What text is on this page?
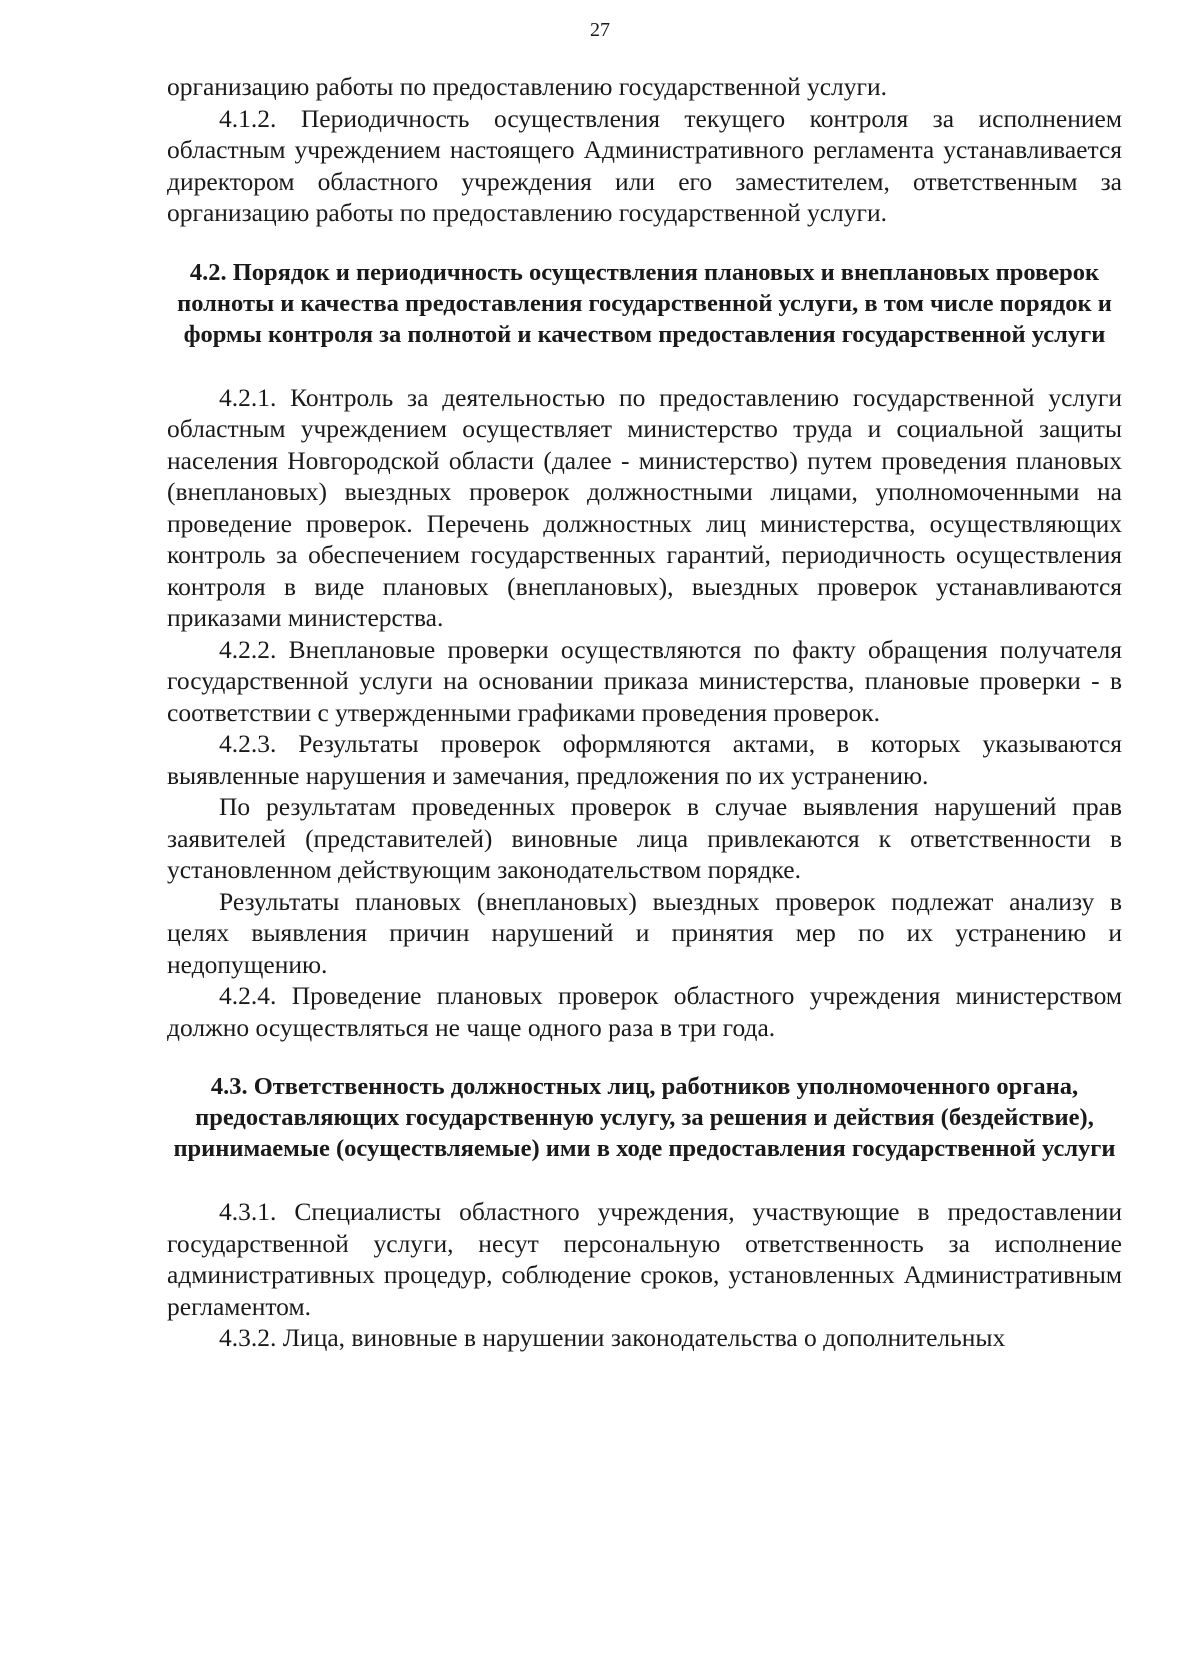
27

организацию работы по предоставлению государственной услуги.

4.1.2. Периодичность осуществления текущего контроля за исполнением областным учреждением настоящего Административного регламента устанавливается директором областного учреждения или его заместителем, ответственным за организацию работы по предоставлению государственной услуги.

4.2. Порядок и периодичность осуществления плановых и внеплановых проверок полноты и качества предоставления государственной услуги, в том числе порядок и формы контроля за полнотой и качеством предоставления государственной услуги

4.2.1. Контроль за деятельностью по предоставлению государственной услуги областным учреждением осуществляет министерство труда и социальной защиты населения Новгородской области (далее - министерство) путем проведения плановых (внеплановых) выездных проверок должностными лицами, уполномоченными на проведение проверок. Перечень должностных лиц министерства, осуществляющих контроль за обеспечением государственных гарантий, периодичность осуществления контроля в виде плановых (внеплановых), выездных проверок устанавливаются приказами министерства.

4.2.2. Внеплановые проверки осуществляются по факту обращения получателя государственной услуги на основании приказа министерства, плановые проверки - в соответствии с утвержденными графиками проведения проверок.

4.2.3. Результаты проверок оформляются актами, в которых указываются выявленные нарушения и замечания, предложения по их устранению.

По результатам проведенных проверок в случае выявления нарушений прав заявителей (представителей) виновные лица привлекаются к ответственности в установленном действующим законодательством порядке.

Результаты плановых (внеплановых) выездных проверок подлежат анализу в целях выявления причин нарушений и принятия мер по их устранению и недопущению.

4.2.4. Проведение плановых проверок областного учреждения министерством должно осуществляться не чаще одного раза в три года.

4.3. Ответственность должностных лиц, работников уполномоченного органа, предоставляющих государственную услугу, за решения и действия (бездействие), принимаемые (осуществляемые) ими в ходе предоставления государственной услуги

4.3.1. Специалисты областного учреждения, участвующие в предоставлении государственной услуги, несут персональную ответственность за исполнение административных процедур, соблюдение сроков, установленных Административным регламентом.

4.3.2. Лица, виновные в нарушении законодательства о дополнительных
